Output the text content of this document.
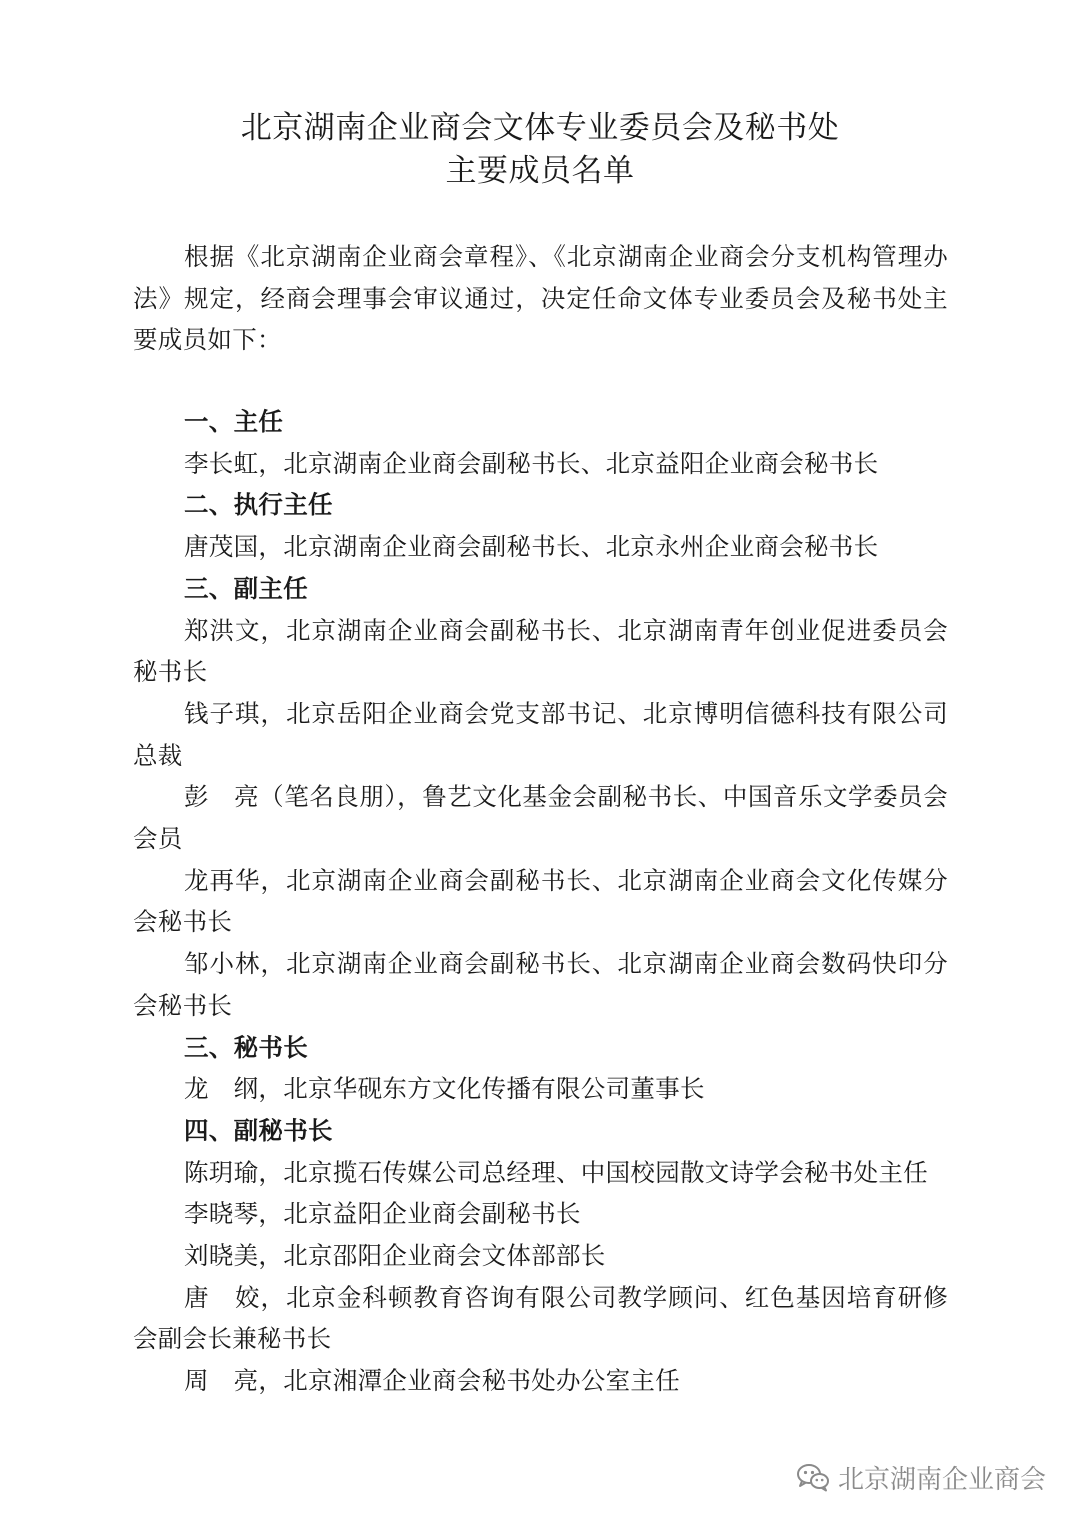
北京湖南企业商会文体专业委员会及秘书处
主要成员名单
根据《北京湖南企业商会章程》、《北京湖南企业商会分支机构管理办法》规定，经商会理事会审议通过，决定任命文体专业委员会及秘书处主要成员如下：

一、主任

李长虹，北京湖南企业商会副秘书长、北京益阳企业商会秘书长

二、执行主任

唐茂国，北京湖南企业商会副秘书长、北京永州企业商会秘书长

三、副主任

郑洪文，北京湖南企业商会副秘书长、北京湖南青年创业促进委员会秘书长

钱子琪，北京岳阳企业商会党支部书记、北京博明信德科技有限公司总裁

彭　亮（笔名良朋），鲁艺文化基金会副秘书长、中国音乐文学委员会会员

龙再华，北京湖南企业商会副秘书长、北京湖南企业商会文化传媒分会秘书长

邹小林，北京湖南企业商会副秘书长、北京湖南企业商会数码快印分会秘书长

三、秘书长

龙　纲，北京华砚东方文化传播有限公司董事长

四、副秘书长

陈玥瑜，北京揽石传媒公司总经理、中国校园散文诗学会秘书处主任

李晓琴，北京益阳企业商会副秘书长

刘晓美，北京邵阳企业商会文体部部长

唐　姣，北京金科顿教育咨询有限公司教学顾问、红色基因培育研修会副会长兼秘书长

周　亮，北京湘潭企业商会秘书处办公室主任

北京湖南企业商会
